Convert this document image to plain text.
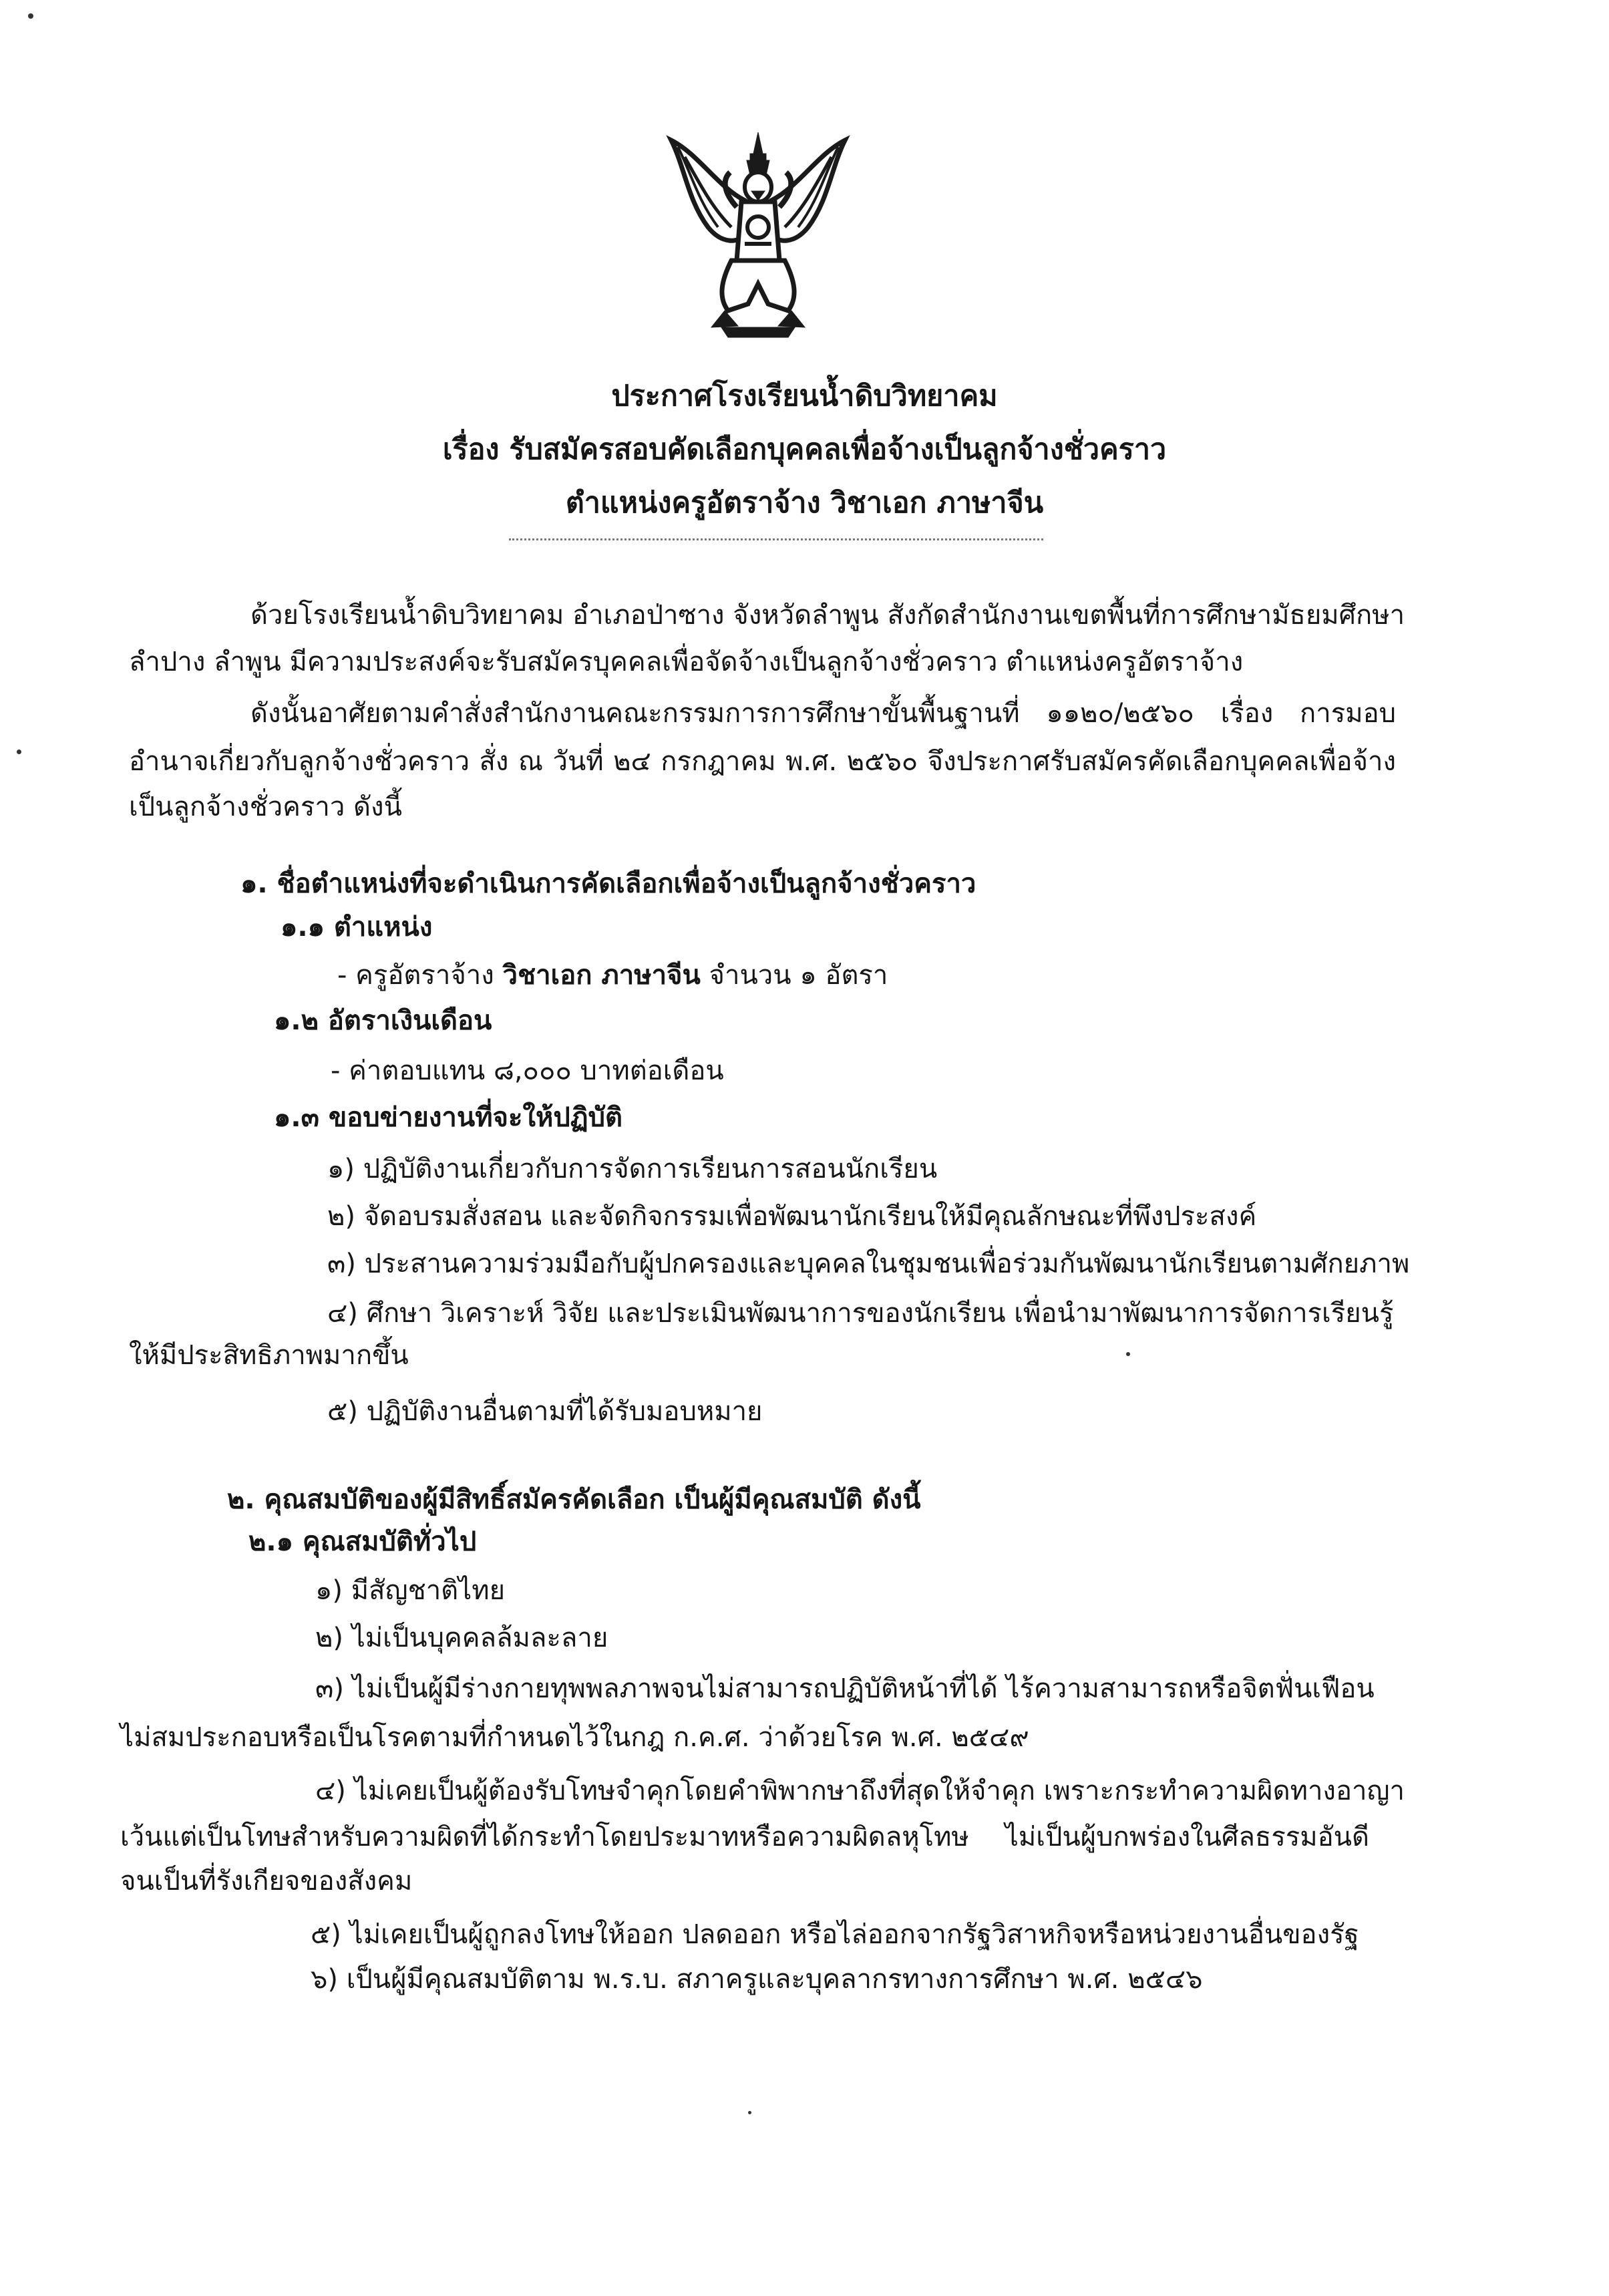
ประกาศโรงเรียนน้ำดิบวิทยาคม
เรื่อง รับสมัครสอบคัดเลือกบุคคลเพื่อจ้างเป็นลูกจ้างชั่วคราว
ตำแหน่งครูอัตราจ้าง วิชาเอก ภาษาจีน
ด้วยโรงเรียนน้ำดิบวิทยาคม อำเภอป่าซาง จังหวัดลำพูน สังกัดสำนักงานเขตพื้นที่การศึกษามัธยมศึกษา
ลำปาง ลำพูน มีความประสงค์จะรับสมัครบุคคลเพื่อจัดจ้างเป็นลูกจ้างชั่วคราว ตำแหน่งครูอัตราจ้าง
ดังนั้นอาศัยตามคำสั่งสำนักงานคณะกรรมการการศึกษาขั้นพื้นฐานที่ ๑๑๒๐/๒๕๖๐ เรื่อง การมอบ
อำนาจเกี่ยวกับลูกจ้างชั่วคราว สั่ง ณ วันที่ ๒๔ กรกฎาคม พ.ศ. ๒๕๖๐ จึงประกาศรับสมัครคัดเลือกบุคคลเพื่อจ้าง
เป็นลูกจ้างชั่วคราว ดังนี้
๑. ชื่อตำแหน่งที่จะดำเนินการคัดเลือกเพื่อจ้างเป็นลูกจ้างชั่วคราว
๑.๑ ตำแหน่ง
- ครูอัตราจ้าง วิชาเอก ภาษาจีน จำนวน ๑ อัตรา
๑.๒ อัตราเงินเดือน
- ค่าตอบแทน ๘,๐๐๐ บาทต่อเดือน
๑.๓ ขอบข่ายงานที่จะให้ปฏิบัติ
๑) ปฏิบัติงานเกี่ยวกับการจัดการเรียนการสอนนักเรียน
๒) จัดอบรมสั่งสอน และจัดกิจกรรมเพื่อพัฒนานักเรียนให้มีคุณลักษณะที่พึงประสงค์
๓) ประสานความร่วมมือกับผู้ปกครองและบุคคลในชุมชนเพื่อร่วมกันพัฒนานักเรียนตามศักยภาพ
๔) ศึกษา วิเคราะห์ วิจัย และประเมินพัฒนาการของนักเรียน เพื่อนำมาพัฒนาการจัดการเรียนรู้
ให้มีประสิทธิภาพมากขึ้น
๕) ปฏิบัติงานอื่นตามที่ได้รับมอบหมาย
๒. คุณสมบัติของผู้มีสิทธิ์สมัครคัดเลือก เป็นผู้มีคุณสมบัติ ดังนี้
๒.๑ คุณสมบัติทั่วไป
๑) มีสัญชาติไทย
๒) ไม่เป็นบุคคลล้มละลาย
๓) ไม่เป็นผู้มีร่างกายทุพพลภาพจนไม่สามารถปฏิบัติหน้าที่ได้ ไร้ความสามารถหรือจิตฟั่นเฟือน
ไม่สมประกอบหรือเป็นโรคตามที่กำหนดไว้ในกฎ ก.ค.ศ. ว่าด้วยโรค พ.ศ. ๒๕๔๙
๔) ไม่เคยเป็นผู้ต้องรับโทษจำคุกโดยคำพิพากษาถึงที่สุดให้จำคุก เพราะกระทำความผิดทางอาญา
เว้นแต่เป็นโทษสำหรับความผิดที่ได้กระทำโดยประมาทหรือความผิดลหุโทษ ไม่เป็นผู้บกพร่องในศีลธรรมอันดี
จนเป็นที่รังเกียจของสังคม
๕) ไม่เคยเป็นผู้ถูกลงโทษให้ออก ปลดออก หรือไล่ออกจากรัฐวิสาหกิจหรือหน่วยงานอื่นของรัฐ
๖) เป็นผู้มีคุณสมบัติตาม พ.ร.บ. สภาครูและบุคลากรทางการศึกษา พ.ศ. ๒๕๔๖
